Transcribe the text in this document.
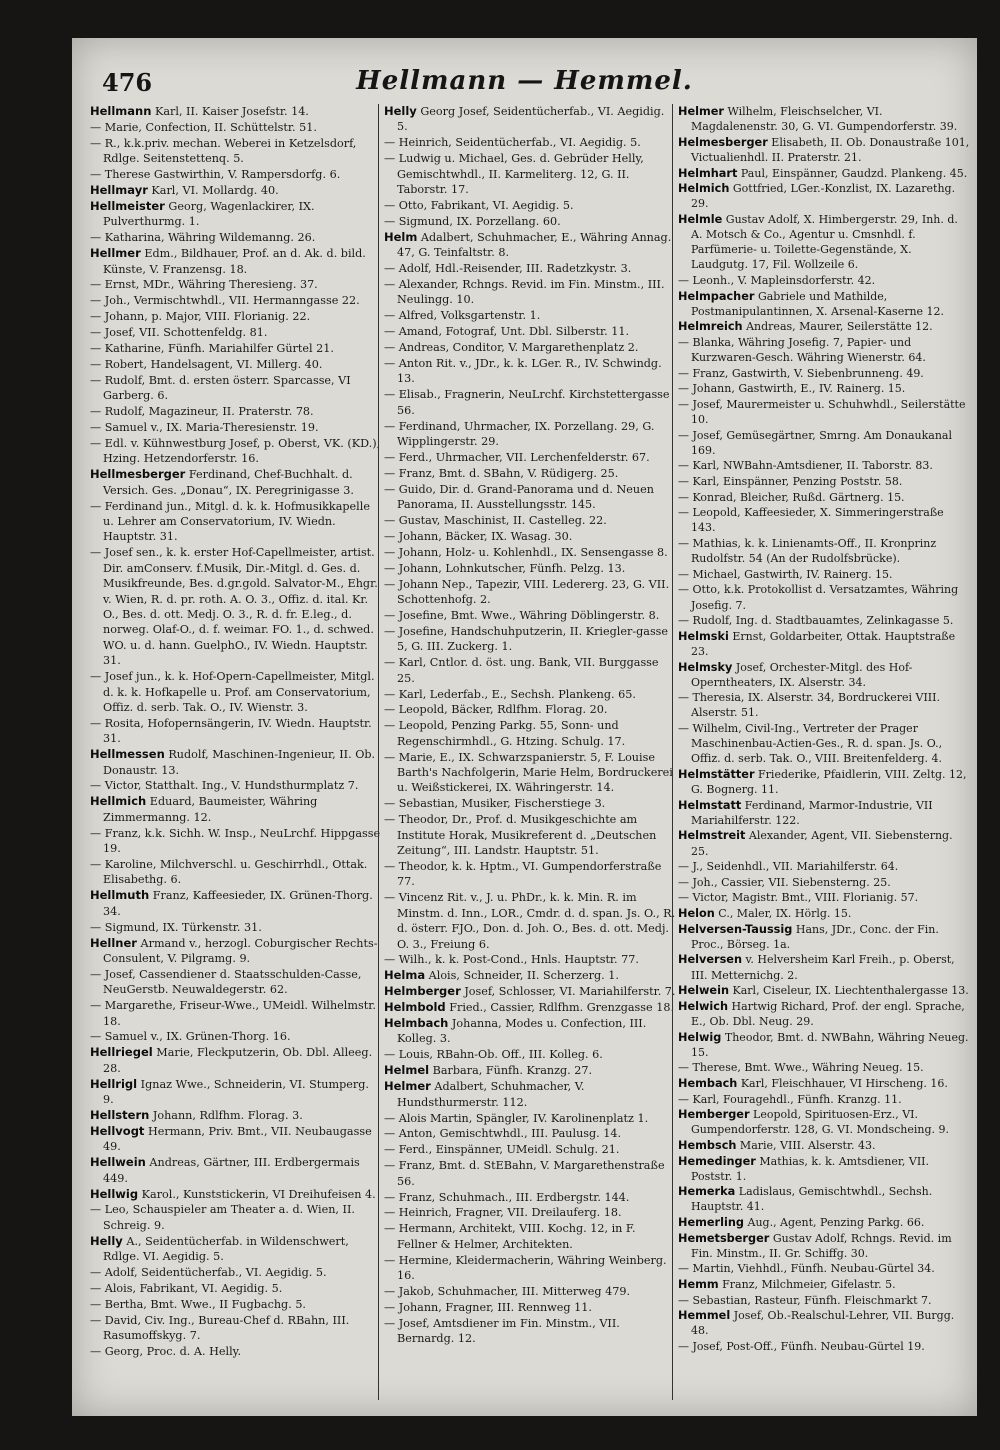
476	Hellmann — Hemmel.
Hellmann Karl, II. Kaiser Josefstr. 14.
— Marie, Confection, II. Schüttelstr. 51.
— R., k.k.priv. mechan. Weberei in Ketzelsdorf, Rdlge. Seitenstettenq. 5.
— Therese Gastwirthin, V. Rampersdorfg. 6.
Hellmayr Karl, VI. Mollardg. 40.
Hellmeister Georg, Wagenlackirer, IX. Pulverthurmg. 1.
— Katharina, Währing Wildemanng. 26.
Hellmer Edm., Bildhauer, Prof. an d. Ak. d. bild. Künste, V. Franzensg. 18.
— Ernst, MDr., Währing Theresieng. 37.
— Joh., Vermischtwhdl., VII. Hermanngasse 22.
— Johann, p. Major, VIII. Florianig. 22.
— Josef, VII. Schottenfeldg. 81.
— Katharine, Fünfh. Mariahilfer Gürtel 21.
— Robert, Handelsagent, VI. Millerg. 40.
— Rudolf, Bmt. d. ersten österr. Sparcasse, VI Garberg. 6.
— Rudolf, Magazineur, II. Praterstr. 78.
— Samuel v., IX. Maria-Theresienstr. 19.
— Edl. v. Kühnwestburg Josef, p. Oberst, VK. (KD.), Hzing. Hetzendorferstr. 16.
Hellmesberger Ferdinand, Chef-Buchhalt. d. Versich. Ges. „Donau“, IX. Peregrinigasse 3.
— Ferdinand jun., Mitgl. d. k. k. Hofmusikkapelle u. Lehrer am Conservatorium, IV. Wiedn. Hauptstr. 31.
— Josef sen., k. k. erster Hof-Capellmeister, artist. Dir. amConserv. f.Musik, Dir.-Mitgl. d. Ges. d. Musikfreunde, Bes. d.gr.gold. Salvator-M., Ehgr. v. Wien, R. d. pr. roth. A. O. 3., Offiz. d. ital. Kr. O., Bes. d. ott. Medj. O. 3., R. d. fr. E.leg., d. norweg. Olaf-O., d. f. weimar. FO. 1., d. schwed. WO. u. d. hann. GuelphO., IV. Wiedn. Hauptstr. 31.
— Josef jun., k. k. Hof-Opern-Capellmeister, Mitgl. d. k. k. Hofkapelle u. Prof. am Conservatorium, Offiz. d. serb. Tak. O., IV. Wienstr. 3.
— Rosita, Hofopernsängerin, IV. Wiedn. Hauptstr. 31.
Hellmessen Rudolf, Maschinen-Ingenieur, II. Ob. Donaustr. 13.
— Victor, Statthalt. Ing., V. Hundsthurmplatz 7.
Hellmich Eduard, Baumeister, Währing Zimmermanng. 12.
— Franz, k.k. Sichh. W. Insp., NeuLrchf. Hippgasse 19.
— Karoline, Milchverschl. u. Geschirrhdl., Ottak. Elisabethg. 6.
Hellmuth Franz, Kaffeesieder, IX. Grünen-Thorg. 34.
— Sigmund, IX. Türkenstr. 31.
Hellner Armand v., herzogl. Coburgischer Rechts-Consulent, V. Pilgramg. 9.
— Josef, Cassendiener d. Staatsschulden-Casse, NeuGerstb. Neuwaldegerstr. 62.
— Margarethe, Friseur-Wwe., UMeidl. Wilhelmstr. 18.
— Samuel v., IX. Grünen-Thorg. 16.
Hellriegel Marie, Fleckputzerin, Ob. Dbl. Alleeg. 28.
Hellrigl Ignaz Wwe., Schneiderin, VI. Stumperg. 9.
Hellstern Johann, Rdlfhm. Florag. 3.
Hellvogt Hermann, Priv. Bmt., VII. Neubaugasse 49.
Hellwein Andreas, Gärtner, III. Erdbergermais 449.
Hellwig Karol., Kunststickerin, VI Dreihufeisen 4.
— Leo, Schauspieler am Theater a. d. Wien, II. Schreig. 9.
Helly A., Seidentücherfab. in Wildenschwert, Rdlge. VI. Aegidig. 5.
— Adolf, Seidentücherfab., VI. Aegidig. 5.
— Alois, Fabrikant, VI. Aegidig. 5.
— Bertha, Bmt. Wwe., II Fugbachg. 5.
— David, Civ. Ing., Bureau-Chef d. RBahn, III. Rasumoffskyg. 7.
— Georg, Proc. d. A. Helly.
Helly Georg Josef, Seidentücherfab., VI. Aegidig. 5.
— Heinrich, Seidentücherfab., VI. Aegidig. 5.
— Ludwig u. Michael, Ges. d. Gebrüder Helly, Gemischtwhdl., II. Karmeliterg. 12, G. II. Taborstr. 17.
— Otto, Fabrikant, VI. Aegidig. 5.
— Sigmund, IX. Porzellang. 60.
Helm Adalbert, Schuhmacher, E., Währing Annag. 47, G. Teinfaltstr. 8.
— Adolf, Hdl.-Reisender, III. Radetzkystr. 3.
— Alexander, Rchngs. Revid. im Fin. Minstm., III. Neulingg. 10.
— Alfred, Volksgartenstr. 1.
— Amand, Fotograf, Unt. Dbl. Silberstr. 11.
— Andreas, Conditor, V. Margarethenplatz 2.
— Anton Rit. v., JDr., k. k. LGer. R., IV. Schwindg. 13.
— Elisab., Fragnerin, NeuLrchf. Kirchstettergasse 56.
— Ferdinand, Uhrmacher, IX. Porzellang. 29, G. Wipplingerstr. 29.
— Ferd., Uhrmacher, VII. Lerchenfelderstr. 67.
— Franz, Bmt. d. SBahn, V. Rüdigerg. 25.
— Guido, Dir. d. Grand-Panorama und d. Neuen Panorama, II. Ausstellungsstr. 145.
— Gustav, Maschinist, II. Castelleg. 22.
— Johann, Bäcker, IX. Wasag. 30.
— Johann, Holz- u. Kohlenhdl., IX. Sensengasse 8.
— Johann, Lohnkutscher, Fünfh. Pelzg. 13.
— Johann Nep., Tapezir, VIII. Ledererg. 23, G. VII. Schottenhofg. 2.
— Josefine, Bmt. Wwe., Währing Döblingerstr. 8.
— Josefine, Handschuhputzerin, II. Kriegler-gasse 5, G. III. Zuckerg. 1.
— Karl, Cntlor. d. öst. ung. Bank, VII. Burggasse 25.
— Karl, Lederfab., E., Sechsh. Plankeng. 65.
— Leopold, Bäcker, Rdlfhm. Florag. 20.
— Leopold, Penzing Parkg. 55, Sonn- und Regenschirmhdl., G. Htzing. Schulg. 17.
— Marie, E., IX. Schwarzspanierstr. 5, F. Louise Barth's Nachfolgerin, Marie Helm, Bordruckerei u. Weißstickerei, IX. Währingerstr. 14.
— Sebastian, Musiker, Fischerstiege 3.
— Theodor, Dr., Prof. d. Musikgeschichte am Institute Horak, Musikreferent d. „Deutschen Zeitung“, III. Landstr. Hauptstr. 51.
— Theodor, k. k. Hptm., VI. Gumpendorferstraße 77.
— Vincenz Rit. v., J. u. PhDr., k. k. Min. R. im Minstm. d. Inn., LOR., Cmdr. d. d. span. Js. O., R. d. österr. FJO., Don. d. Joh. O., Bes. d. ott. Medj. O. 3., Freiung 6.
— Wilh., k. k. Post-Cond., Hnls. Hauptstr. 77.
Helma Alois, Schneider, II. Scherzerg. 1.
Helmberger Josef, Schlosser, VI. Mariahilferstr. 7.
Helmbold Fried., Cassier, Rdlfhm. Grenzgasse 18.
Helmbach Johanna, Modes u. Confection, III. Kolleg. 3.
— Louis, RBahn-Ob. Off., III. Kolleg. 6.
Helmel Barbara, Fünfh. Kranzg. 27.
Helmer Adalbert, Schuhmacher, V. Hundsthurmerstr. 112.
— Alois Martin, Spängler, IV. Karolinenplatz 1.
— Anton, Gemischtwhdl., III. Paulusg. 14.
— Ferd., Einspänner, UMeidl. Schulg. 21.
— Franz, Bmt. d. StEBahn, V. Margarethenstraße 56.
— Franz, Schuhmach., III. Erdbergstr. 144.
— Heinrich, Fragner, VII. Dreilauferg. 18.
— Hermann, Architekt, VIII. Kochg. 12, in F. Fellner & Helmer, Architekten.
— Hermine, Kleidermacherin, Währing Weinberg. 16.
— Jakob, Schuhmacher, III. Mitterweg 479.
— Johann, Fragner, III. Rennweg 11.
— Josef, Amtsdiener im Fin. Minstm., VII. Bernardg. 12.
Helmer Wilhelm, Fleischselcher, VI. Magdalenenstr. 30, G. VI. Gumpendorferstr. 39.
Helmesberger Elisabeth, II. Ob. Donaustraße 101, Victualienhdl. II. Praterstr. 21.
Helmhart Paul, Einspänner, Gaudzd. Plankeng. 45.
Helmich Gottfried, LGer.-Konzlist, IX. Lazarethg. 29.
Helmle Gustav Adolf, X. Himbergerstr. 29, Inh. d. A. Motsch & Co., Agentur u. Cmsnhdl. f. Parfümerie- u. Toilette-Gegenstände, X. Laudgutg. 17, Fil. Wollzeile 6.
— Leonh., V. Mapleinsdorferstr. 42.
Helmpacher Gabriele und Mathilde, Postmanipulantinnen, X. Arsenal-Kaserne 12.
Helmreich Andreas, Maurer, Seilerstätte 12.
— Blanka, Währing Josefig. 7, Papier- und Kurzwaren-Gesch. Währing Wienerstr. 64.
— Franz, Gastwirth, V. Siebenbrunneng. 49.
— Johann, Gastwirth, E., IV. Rainerg. 15.
— Josef, Maurermeister u. Schuhwhdl., Seilerstätte 10.
— Josef, Gemüsegärtner, Smrng. Am Donaukanal 169.
— Karl, NWBahn-Amtsdiener, II. Taborstr. 83.
— Karl, Einspänner, Penzing Poststr. 58.
— Konrad, Bleicher, Rußd. Gärtnerg. 15.
— Leopold, Kaffeesieder, X. Simmeringerstraße 143.
— Mathias, k. k. Linienamts-Off., II. Kronprinz Rudolfstr. 54 (An der Rudolfsbrücke).
— Michael, Gastwirth, IV. Rainerg. 15.
— Otto, k.k. Protokollist d. Versatzamtes, Währing Josefig. 7.
— Rudolf, Ing. d. Stadtbauamtes, Zelinkagasse 5.
Helmski Ernst, Goldarbeiter, Ottak. Hauptstraße 23.
Helmsky Josef, Orchester-Mitgl. des Hof-Operntheaters, IX. Alserstr. 34.
— Theresia, IX. Alserstr. 34, Bordruckerei VIII. Alserstr. 51.
— Wilhelm, Civil-Ing., Vertreter der Prager Maschinenbau-Actien-Ges., R. d. span. Js. O., Offiz. d. serb. Tak. O., VIII. Breitenfelderg. 4.
Helmstätter Friederike, Pfaidlerin, VIII. Zeltg. 12, G. Bognerg. 11.
Helmstatt Ferdinand, Marmor-Industrie, VII Mariahilferstr. 122.
Helmstreit Alexander, Agent, VII. Siebensterng. 25.
— J., Seidenhdl., VII. Mariahilferstr. 64.
— Joh., Cassier, VII. Siebensterng. 25.
— Victor, Magistr. Bmt., VIII. Florianig. 57.
Helon C., Maler, IX. Hörlg. 15.
Helversen-Taussig Hans, JDr., Conc. der Fin. Proc., Börseg. 1a.
Helversen v. Helversheim Karl Freih., p. Oberst, III. Metternichg. 2.
Helwein Karl, Ciseleur, IX. Liechtenthalergasse 13.
Helwich Hartwig Richard, Prof. der engl. Sprache, E., Ob. Dbl. Neug. 29.
Helwig Theodor, Bmt. d. NWBahn, Währing Neueg. 15.
— Therese, Bmt. Wwe., Währing Neueg. 15.
Hembach Karl, Fleischhauer, VI Hirscheng. 16.
— Karl, Fouragehdl., Fünfh. Kranzg. 11.
Hemberger Leopold, Spirituosen-Erz., VI. Gumpendorferstr. 128, G. VI. Mondscheing. 9.
Hembsch Marie, VIII. Alserstr. 43.
Hemedinger Mathias, k. k. Amtsdiener, VII. Poststr. 1.
Hemerka Ladislaus, Gemischtwhdl., Sechsh. Hauptstr. 41.
Hemerling Aug., Agent, Penzing Parkg. 66.
Hemetsberger Gustav Adolf, Rchngs. Revid. im Fin. Minstm., II. Gr. Schiffg. 30.
— Martin, Viehhdl., Fünfh. Neubau-Gürtel 34.
Hemm Franz, Milchmeier, Gifelastr. 5.
— Sebastian, Rasteur, Fünfh. Fleischmarkt 7.
Hemmel Josef, Ob.-Realschul-Lehrer, VII. Burgg. 48.
— Josef, Post-Off., Fünfh. Neubau-Gürtel 19.
